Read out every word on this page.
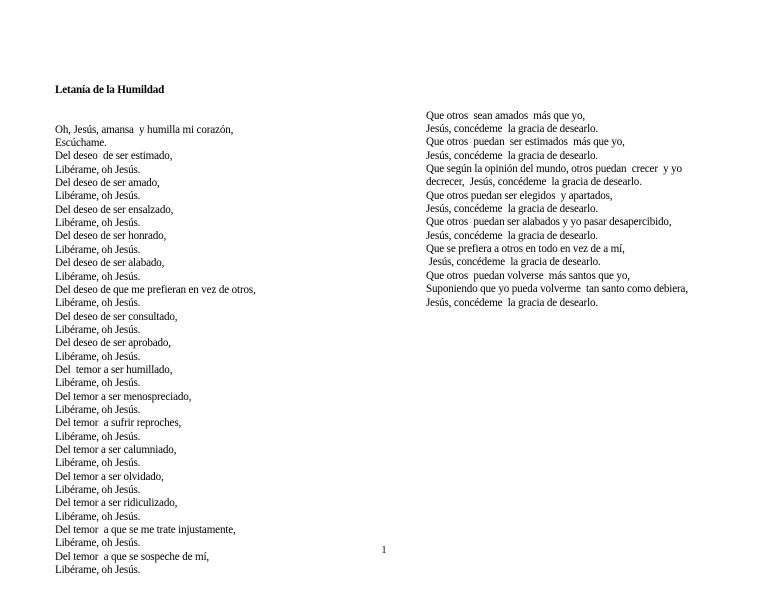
Letanía de la Humildad

Oh, Jesús, amansa  y humilla mi corazón,
Escúchame.
Del deseo  de ser estimado,
Libérame, oh Jesús.
Del deseo de ser amado,
Libérame, oh Jesús.
Del deseo de ser ensalzado,
Libérame, oh Jesús.
Del deseo de ser honrado,
Libérame, oh Jesús.
Del deseo de ser alabado,
Libérame, oh Jesús.
Del deseo de que me prefieran en vez de otros,
Libérame, oh Jesús.
Del deseo de ser consultado,
Libérame, oh Jesús.
Del deseo de ser aprobado,
Libérame, oh Jesús.
Del  temor a ser humillado,
Libérame, oh Jesús.
Del temor a ser menospreciado,
Libérame, oh Jesús.
Del temor  a sufrir reproches,
Libérame, oh Jesús.
Del temor a ser calumniado,
Libérame, oh Jesús.
Del temor a ser olvidado,
Libérame, oh Jesús.
Del temor a ser ridiculizado,
Libérame, oh Jesús.
Del temor  a que se me trate injustamente,
Libérame, oh Jesús.
Del temor  a que se sospeche de mí,
Libérame, oh Jesús.

Que otros  sean amados  más que yo,
Jesús, concédeme  la gracia de desearlo.
Que otros  puedan  ser estimados  más que yo,
Jesús, concédeme  la gracia de desearlo.
Que según la opinión del mundo, otros puedan  crecer  y yo
decrecer,  Jesús, concédeme  la gracia de desearlo.
Que otros puedan ser elegidos  y apartados,
Jesús, concédeme  la gracia de desearlo.
Que otros  puedan ser alabados y yo pasar desapercibido,
Jesús, concédeme  la gracia de desearlo.
Que se prefiera a otros en todo en vez de a mí,
Jesús, concédeme  la gracia de desearlo.
Que otros  puedan volverse  más santos que yo,
Suponiendo que yo pueda volverme  tan santo como debiera,
Jesús, concédeme  la gracia de desearlo.

1
